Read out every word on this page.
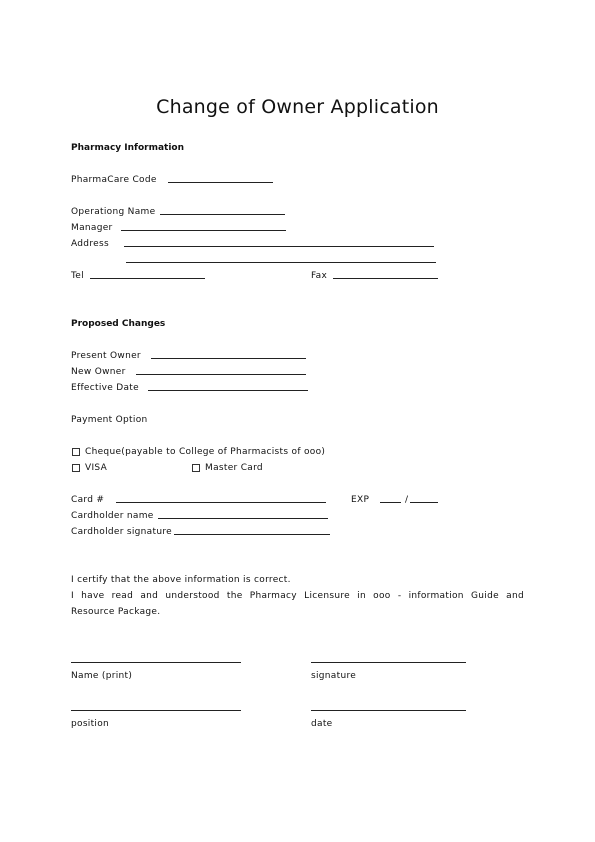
Change of Owner Application
Pharmacy Information
PharmaCare Code
Operationg Name
Manager
Address
Tel	Fax
Proposed Changes
Present Owner
New Owner
Effective Date
Payment Option
Cheque(payable to College of Pharmacists of ooo)
VISA	Master Card
Card #	EXP	/
Cardholder name
Cardholder signature

I certify that the above information is correct.

I have read and understood the Pharmacy Licensure in ooo - information Guide and

Resource Package.

Name (print)	signature
position	date
